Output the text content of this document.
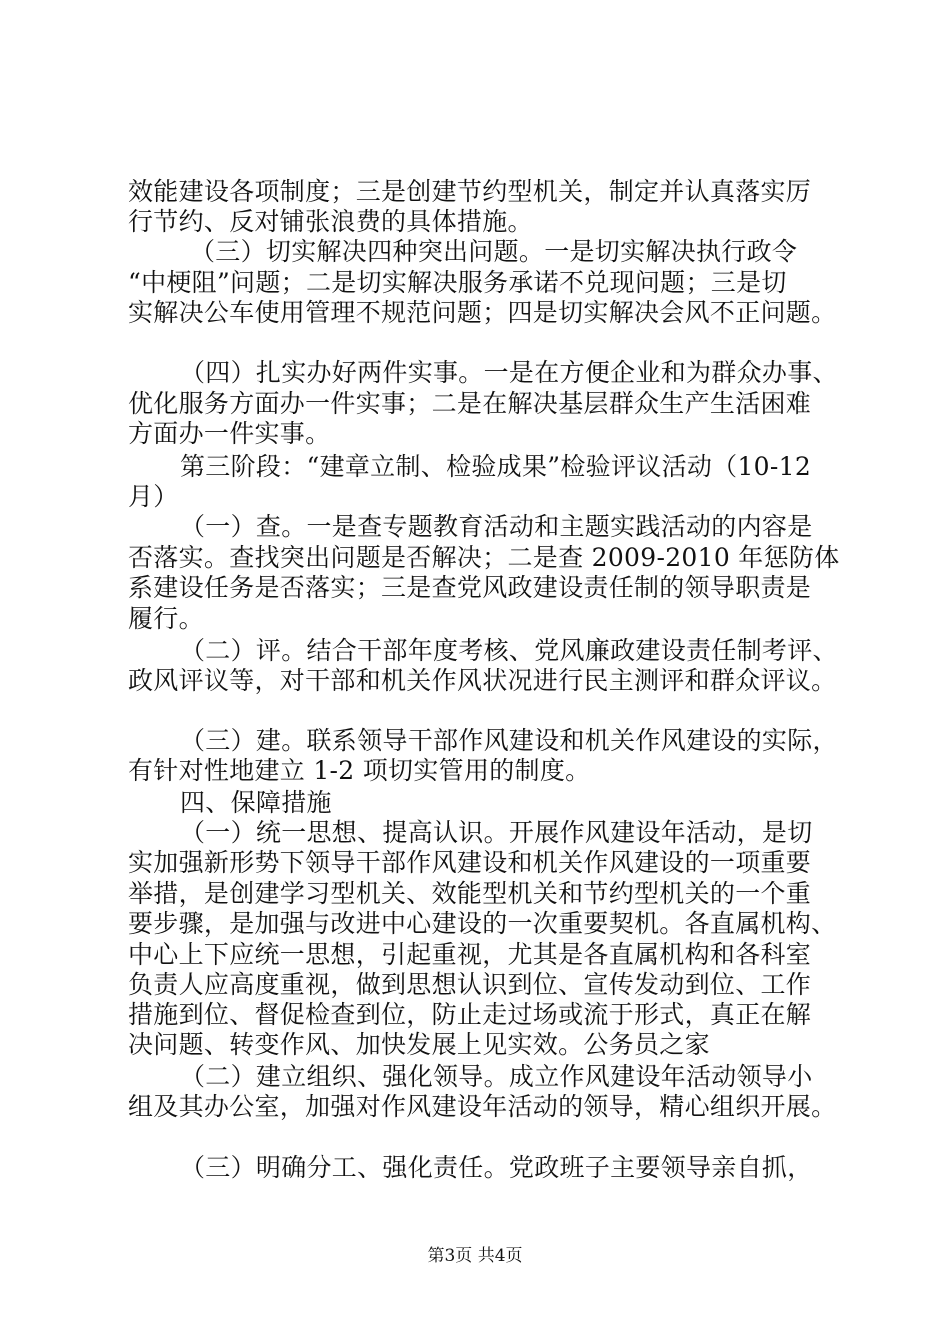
效能建设各项制度；三是创建节约型机关，制定并认真落实厉
行节约、反对铺张浪费的具体措施。
（三）切实解决四种突出问题。一是切实解决执行政令
“中梗阻”问题；二是切实解决服务承诺不兑现问题；三是切
实解决公车使用管理不规范问题；四是切实解决会风不正问题。
（四）扎实办好两件实事。一是在方便企业和为群众办事、
优化服务方面办一件实事；二是在解决基层群众生产生活困难
方面办一件实事。
第三阶段：“建章立制、检验成果”检验评议活动（10-12
月）
（一）查。一是查专题教育活动和主题实践活动的内容是
否落实。查找突出问题是否解决；二是查 2009-2010 年惩防体
系建设任务是否落实；三是查党风政建设责任制的领导职责是
履行。
（二）评。结合干部年度考核、党风廉政建设责任制考评、
政风评议等，对干部和机关作风状况进行民主测评和群众评议。
（三）建。联系领导干部作风建设和机关作风建设的实际，
有针对性地建立 1-2 项切实管用的制度。
四、保障措施
（一）统一思想、提高认识。开展作风建设年活动，是切
实加强新形势下领导干部作风建设和机关作风建设的一项重要
举措，是创建学习型机关、效能型机关和节约型机关的一个重
要步骤，是加强与改进中心建设的一次重要契机。各直属机构、
中心上下应统一思想，引起重视，尤其是各直属机构和各科室
负责人应高度重视，做到思想认识到位、宣传发动到位、工作
措施到位、督促检查到位，防止走过场或流于形式，真正在解
决问题、转变作风、加快发展上见实效。公务员之家
（二）建立组织、强化领导。成立作风建设年活动领导小
组及其办公室，加强对作风建设年活动的领导，精心组织开展。
（三）明确分工、强化责任。党政班子主要领导亲自抓，
第3页 共4页
